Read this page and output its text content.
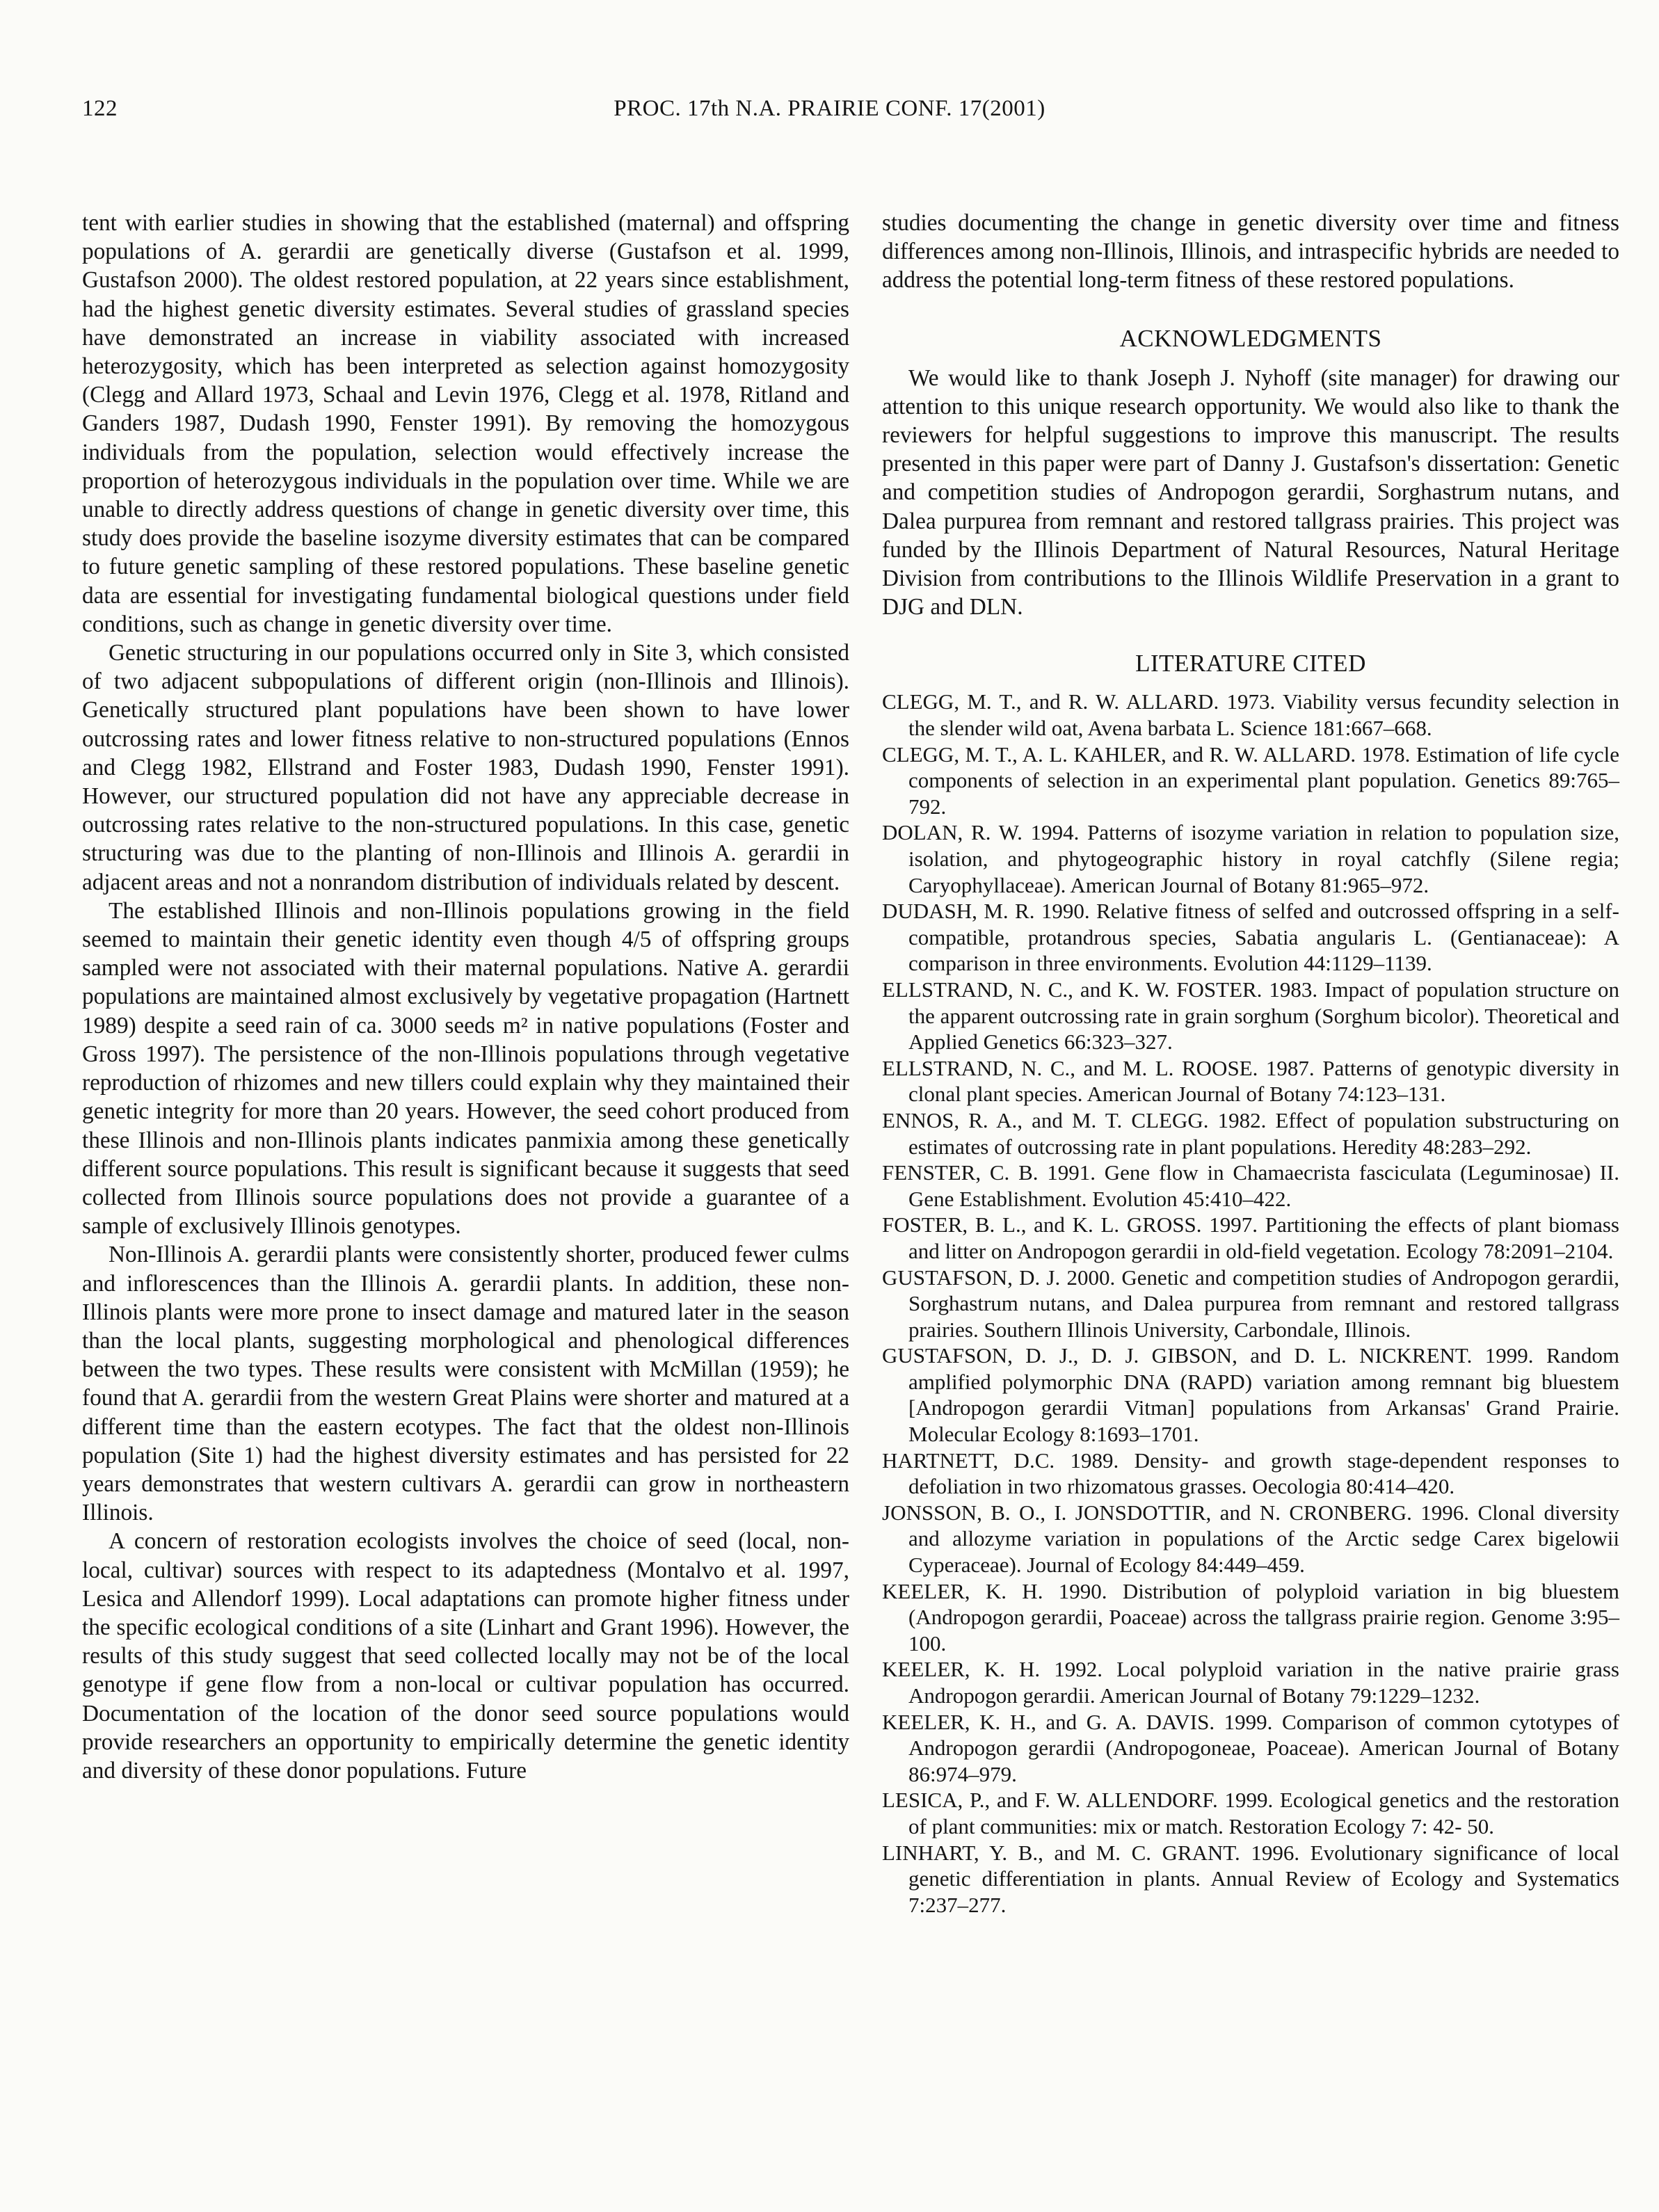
122	PROC. 17th N.A. PRAIRIE CONF. 17(2001)

tent with earlier studies in showing that the established (maternal) and offspring populations of A. gerardii are genetically diverse (Gustafson et al. 1999, Gustafson 2000). The oldest restored population, at 22 years since establishment, had the highest genetic diversity estimates. Several studies of grassland species have demonstrated an increase in viability associated with increased heterozygosity, which has been interpreted as selection against homozygosity (Clegg and Allard 1973, Schaal and Levin 1976, Clegg et al. 1978, Ritland and Ganders 1987, Dudash 1990, Fenster 1991). By removing the homozygous individuals from the population, selection would effectively increase the proportion of heterozygous individuals in the population over time. While we are unable to directly address questions of change in genetic diversity over time, this study does provide the baseline isozyme diversity estimates that can be compared to future genetic sampling of these restored populations. These baseline genetic data are essential for investigating fundamental biological questions under field conditions, such as change in genetic diversity over time.

Genetic structuring in our populations occurred only in Site 3, which consisted of two adjacent subpopulations of different origin (non-Illinois and Illinois). Genetically structured plant populations have been shown to have lower outcrossing rates and lower fitness relative to non-structured populations (Ennos and Clegg 1982, Ellstrand and Foster 1983, Dudash 1990, Fenster 1991). However, our structured population did not have any appreciable decrease in outcrossing rates relative to the non-structured populations. In this case, genetic structuring was due to the planting of non-Illinois and Illinois A. gerardii in adjacent areas and not a nonrandom distribution of individuals related by descent.

The established Illinois and non-Illinois populations growing in the field seemed to maintain their genetic identity even though 4/5 of offspring groups sampled were not associated with their maternal populations. Native A. gerardii populations are maintained almost exclusively by vegetative propagation (Hartnett 1989) despite a seed rain of ca. 3000 seeds m² in native populations (Foster and Gross 1997). The persistence of the non-Illinois populations through vegetative reproduction of rhizomes and new tillers could explain why they maintained their genetic integrity for more than 20 years. However, the seed cohort produced from these Illinois and non-Illinois plants indicates panmixia among these genetically different source populations. This result is significant because it suggests that seed collected from Illinois source populations does not provide a guarantee of a sample of exclusively Illinois genotypes.

Non-Illinois A. gerardii plants were consistently shorter, produced fewer culms and inflorescences than the Illinois A. gerardii plants. In addition, these non-Illinois plants were more prone to insect damage and matured later in the season than the local plants, suggesting morphological and phenological differences between the two types. These results were consistent with McMillan (1959); he found that A. gerardii from the western Great Plains were shorter and matured at a different time than the eastern ecotypes. The fact that the oldest non-Illinois population (Site 1) had the highest diversity estimates and has persisted for 22 years demonstrates that western cultivars A. gerardii can grow in northeastern Illinois.

A concern of restoration ecologists involves the choice of seed (local, non-local, cultivar) sources with respect to its adaptedness (Montalvo et al. 1997, Lesica and Allendorf 1999). Local adaptations can promote higher fitness under the specific ecological conditions of a site (Linhart and Grant 1996). However, the results of this study suggest that seed collected locally may not be of the local genotype if gene flow from a non-local or cultivar population has occurred. Documentation of the location of the donor seed source populations would provide researchers an opportunity to empirically determine the genetic identity and diversity of these donor populations. Future

studies documenting the change in genetic diversity over time and fitness differences among non-Illinois, Illinois, and intraspecific hybrids are needed to address the potential long-term fitness of these restored populations.

ACKNOWLEDGMENTS

We would like to thank Joseph J. Nyhoff (site manager) for drawing our attention to this unique research opportunity. We would also like to thank the reviewers for helpful suggestions to improve this manuscript. The results presented in this paper were part of Danny J. Gustafson's dissertation: Genetic and competition studies of Andropogon gerardii, Sorghastrum nutans, and Dalea purpurea from remnant and restored tallgrass prairies. This project was funded by the Illinois Department of Natural Resources, Natural Heritage Division from contributions to the Illinois Wildlife Preservation in a grant to DJG and DLN.

LITERATURE CITED

CLEGG, M. T., and R. W. ALLARD. 1973. Viability versus fecundity selection in the slender wild oat, Avena barbata L. Science 181:667–668.

CLEGG, M. T., A. L. KAHLER, and R. W. ALLARD. 1978. Estimation of life cycle components of selection in an experimental plant population. Genetics 89:765–792.

DOLAN, R. W. 1994. Patterns of isozyme variation in relation to population size, isolation, and phytogeographic history in royal catchfly (Silene regia; Caryophyllaceae). American Journal of Botany 81:965–972.

DUDASH, M. R. 1990. Relative fitness of selfed and outcrossed offspring in a self-compatible, protandrous species, Sabatia angularis L. (Gentianaceae): A comparison in three environments. Evolution 44:1129–1139.

ELLSTRAND, N. C., and K. W. FOSTER. 1983. Impact of population structure on the apparent outcrossing rate in grain sorghum (Sorghum bicolor). Theoretical and Applied Genetics 66:323–327.

ELLSTRAND, N. C., and M. L. ROOSE. 1987. Patterns of genotypic diversity in clonal plant species. American Journal of Botany 74:123–131.

ENNOS, R. A., and M. T. CLEGG. 1982. Effect of population substructuring on estimates of outcrossing rate in plant populations. Heredity 48:283–292.

FENSTER, C. B. 1991. Gene flow in Chamaecrista fasciculata (Leguminosae) II. Gene Establishment. Evolution 45:410–422.

FOSTER, B. L., and K. L. GROSS. 1997. Partitioning the effects of plant biomass and litter on Andropogon gerardii in old-field vegetation. Ecology 78:2091–2104.

GUSTAFSON, D. J. 2000. Genetic and competition studies of Andropogon gerardii, Sorghastrum nutans, and Dalea purpurea from remnant and restored tallgrass prairies. Southern Illinois University, Carbondale, Illinois.

GUSTAFSON, D. J., D. J. GIBSON, and D. L. NICKRENT. 1999. Random amplified polymorphic DNA (RAPD) variation among remnant big bluestem [Andropogon gerardii Vitman] populations from Arkansas' Grand Prairie. Molecular Ecology 8:1693–1701.

HARTNETT, D.C. 1989. Density- and growth stage-dependent responses to defoliation in two rhizomatous grasses. Oecologia 80:414–420.

JONSSON, B. O., I. JONSDOTTIR, and N. CRONBERG. 1996. Clonal diversity and allozyme variation in populations of the Arctic sedge Carex bigelowii Cyperaceae). Journal of Ecology 84:449–459.

KEELER, K. H. 1990. Distribution of polyploid variation in big bluestem (Andropogon gerardii, Poaceae) across the tallgrass prairie region. Genome 3:95–100.

KEELER, K. H. 1992. Local polyploid variation in the native prairie grass Andropogon gerardii. American Journal of Botany 79:1229–1232.

KEELER, K. H., and G. A. DAVIS. 1999. Comparison of common cytotypes of Andropogon gerardii (Andropogoneae, Poaceae). American Journal of Botany 86:974–979.

LESICA, P., and F. W. ALLENDORF. 1999. Ecological genetics and the restoration of plant communities: mix or match. Restoration Ecology 7: 42- 50.

LINHART, Y. B., and M. C. GRANT. 1996. Evolutionary significance of local genetic differentiation in plants. Annual Review of Ecology and Systematics 7:237–277.
